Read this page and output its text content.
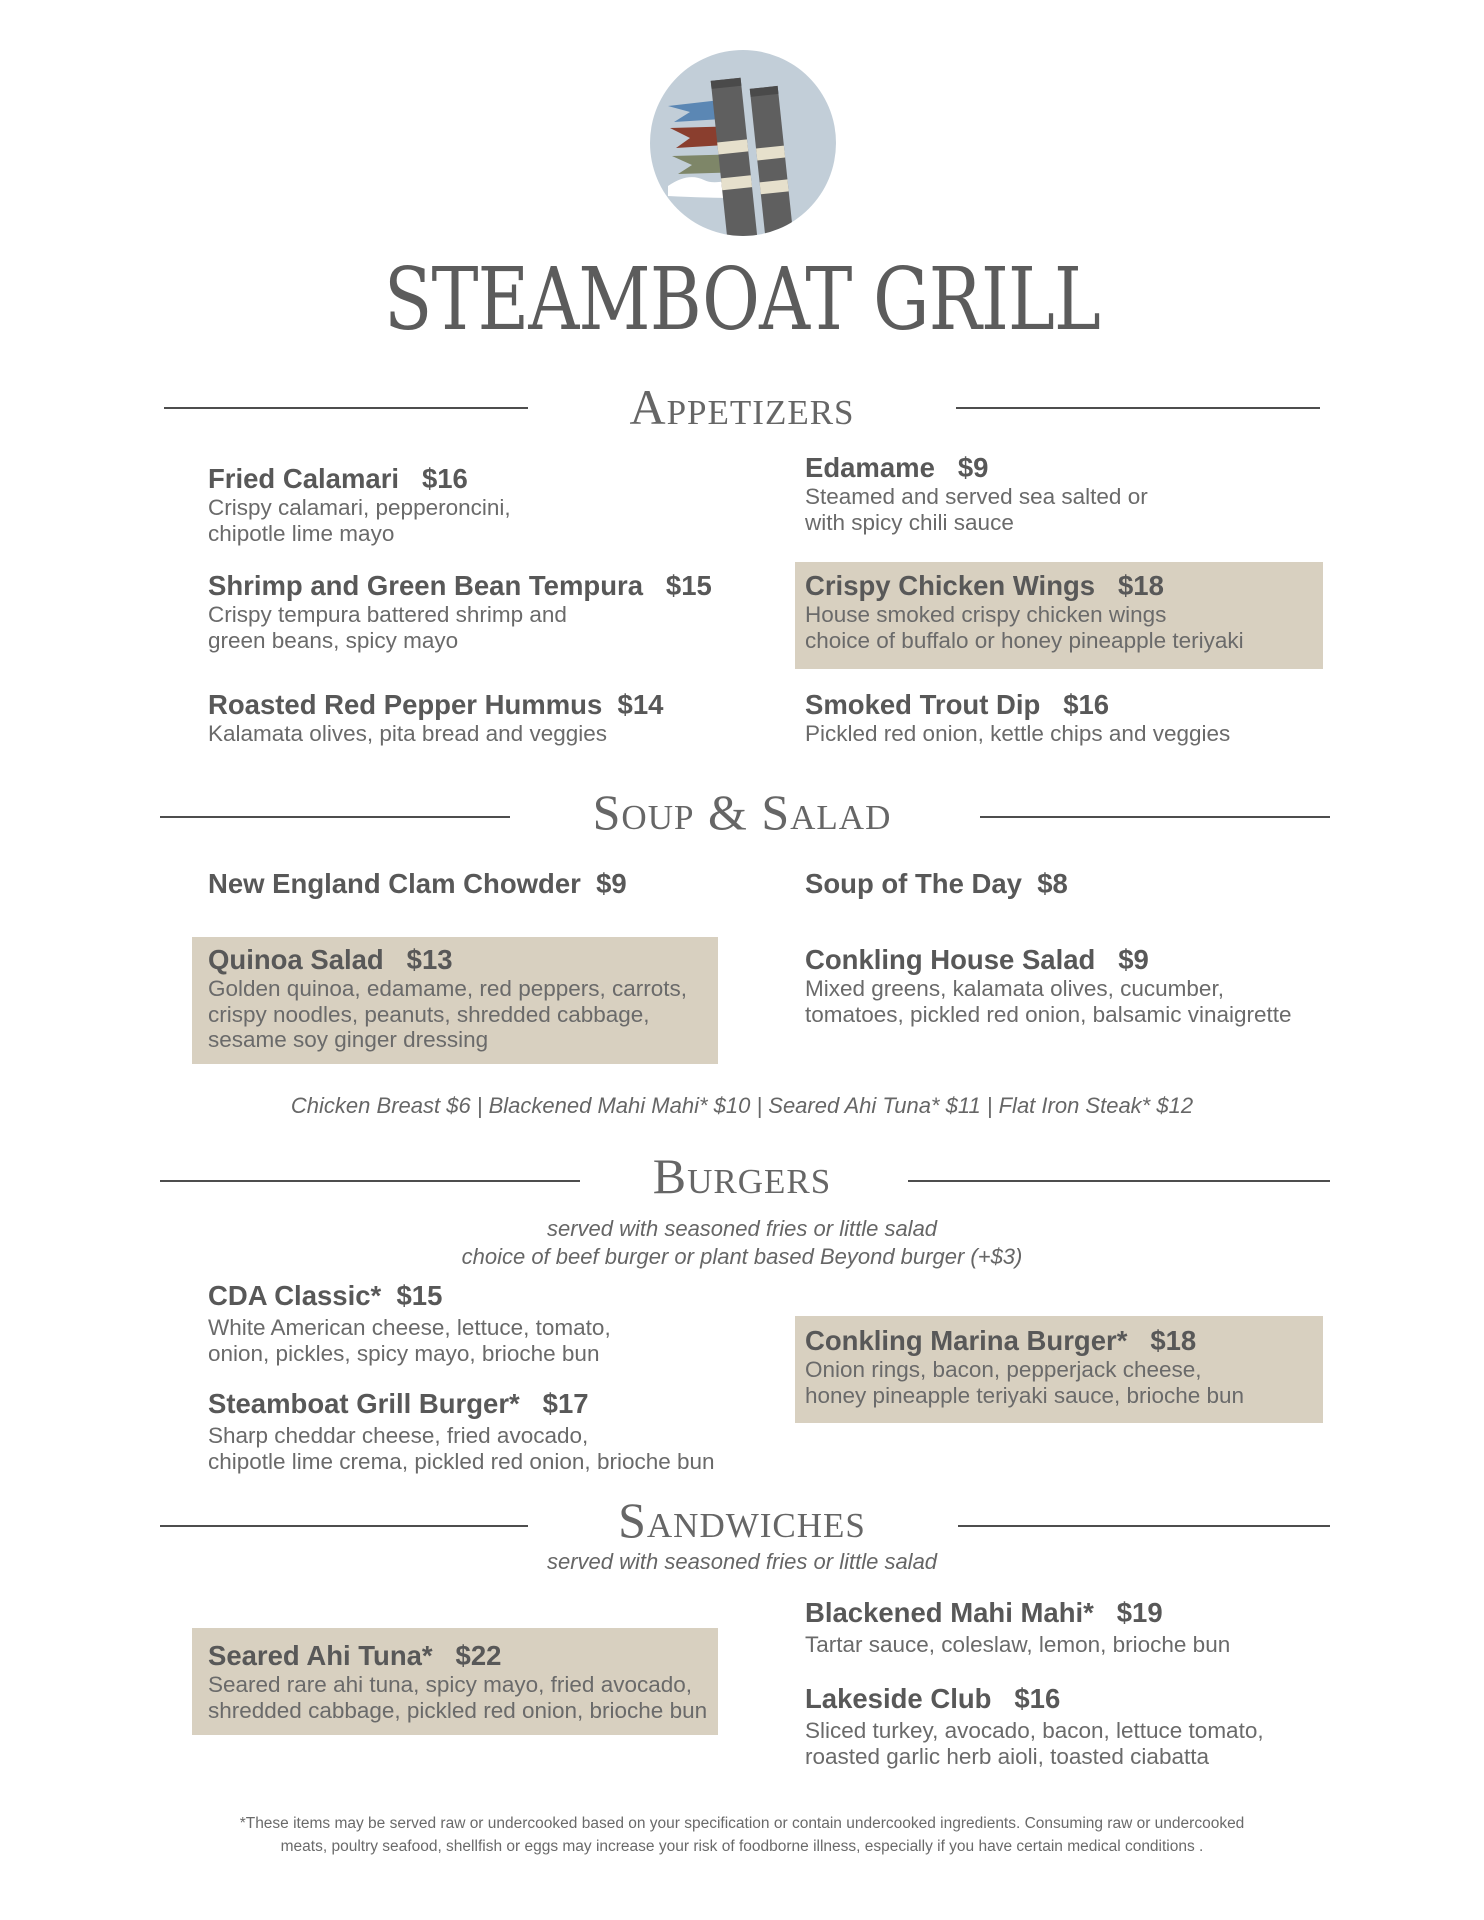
STEAMBOAT GRILL
Appetizers
Fried Calamari   $16
Crispy calamari, pepperoncini,
chipotle lime mayo
Edamame   $9
Steamed and served sea salted or
with spicy chili sauce
Shrimp and Green Bean Tempura   $15
Crispy tempura battered shrimp and
green beans, spicy mayo
Crispy Chicken Wings   $18
House smoked crispy chicken wings
choice of buffalo or honey pineapple teriyaki
Roasted Red Pepper Hummus  $14
Kalamata olives, pita bread and veggies
Smoked Trout Dip   $16
Pickled red onion, kettle chips and veggies
Soup & Salad
New England Clam Chowder  $9	Soup of The Day  $8
Quinoa Salad   $13
Golden quinoa, edamame, red peppers, carrots,
crispy noodles, peanuts, shredded cabbage,
sesame soy ginger dressing
Conkling House Salad   $9
Mixed greens, kalamata olives, cucumber,
tomatoes, pickled red onion, balsamic vinaigrette
Chicken Breast $6 | Blackened Mahi Mahi* $10 | Seared Ahi Tuna* $11 | Flat Iron Steak* $12
Burgers
served with seasoned fries or little salad
choice of beef burger or plant based Beyond burger (+$3)
CDA Classic*  $15
White American cheese, lettuce, tomato,
onion, pickles, spicy mayo, brioche bun	Conkling Marina Burger*   $18
Onion rings, bacon, pepperjack cheese,
honey pineapple teriyaki sauce, brioche bun
Steamboat Grill Burger*   $17
Sharp cheddar cheese, fried avocado,
chipotle lime crema, pickled red onion, brioche bun
Sandwiches
served with seasoned fries or little salad
Blackened Mahi Mahi*   $19
Tartar sauce, coleslaw, lemon, brioche bun
Seared Ahi Tuna*   $22
Seared rare ahi tuna, spicy mayo, fried avocado,
shredded cabbage, pickled red onion, brioche bun	Lakeside Club   $16
Sliced turkey, avocado, bacon, lettuce tomato,
roasted garlic herb aioli, toasted ciabatta
*These items may be served raw or undercooked based on your specification or contain undercooked ingredients. Consuming raw or undercooked
meats, poultry seafood, shellfish or eggs may increase your risk of foodborne illness, especially if you have certain medical conditions .
